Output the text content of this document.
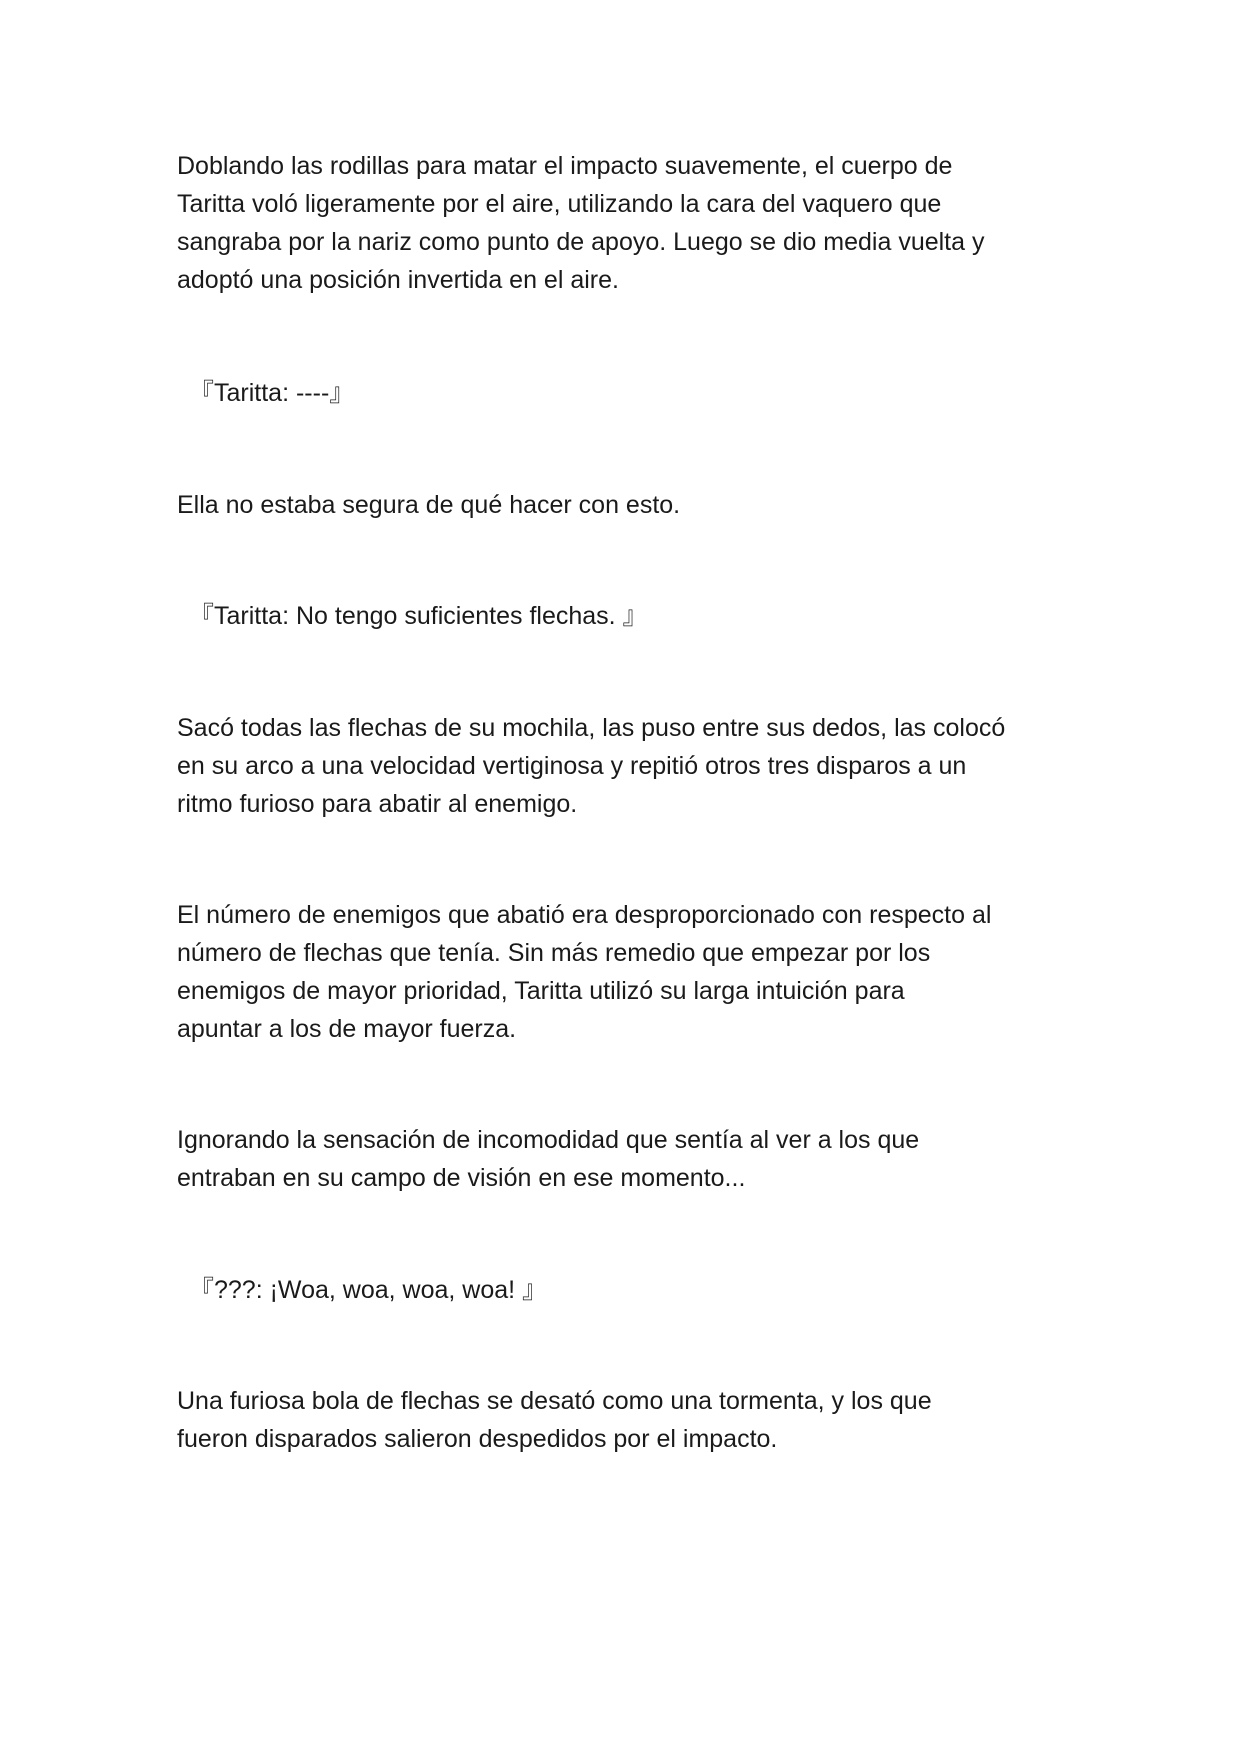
Doblando las rodillas para matar el impacto suavemente, el cuerpo de
Taritta voló ligeramente por el aire, utilizando la cara del vaquero que
sangraba por la nariz como punto de apoyo. Luego se dio media vuelta y
adoptó una posición invertida en el aire.

『Taritta: ----』

Ella no estaba segura de qué hacer con esto.

『Taritta: No tengo suficientes flechas. 』

Sacó todas las flechas de su mochila, las puso entre sus dedos, las colocó
en su arco a una velocidad vertiginosa y repitió otros tres disparos a un
ritmo furioso para abatir al enemigo.

El número de enemigos que abatió era desproporcionado con respecto al
número de flechas que tenía. Sin más remedio que empezar por los
enemigos de mayor prioridad, Taritta utilizó su larga intuición para
apuntar a los de mayor fuerza.

Ignorando la sensación de incomodidad que sentía al ver a los que
entraban en su campo de visión en ese momento...

『???: ¡Woa, woa, woa, woa! 』

Una furiosa bola de flechas se desató como una tormenta, y los que
fueron disparados salieron despedidos por el impacto.
